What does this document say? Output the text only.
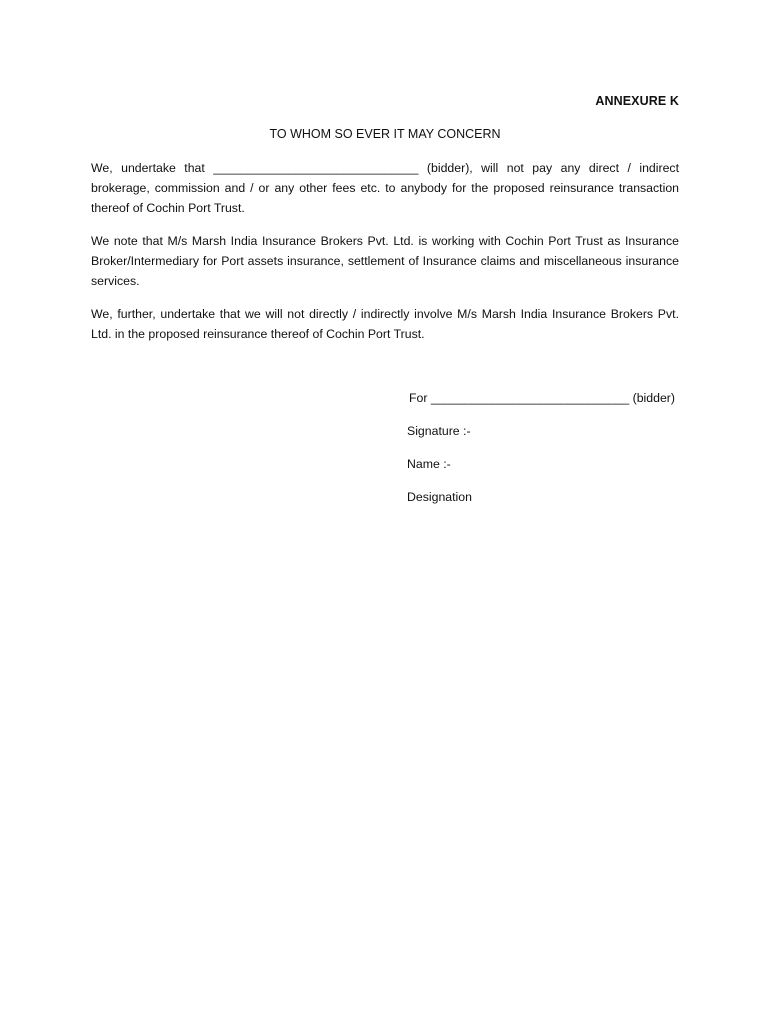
ANNEXURE K
TO WHOM SO EVER IT MAY CONCERN

We, undertake that ______________________________ (bidder), will not pay any direct / indirect brokerage, commission and / or any other fees etc. to anybody for the proposed reinsurance transaction thereof of Cochin Port Trust.

We note that M/s Marsh India Insurance Brokers Pvt. Ltd. is working with Cochin Port Trust as Insurance Broker/Intermediary for Port assets insurance, settlement of Insurance claims and miscellaneous insurance services.

We, further, undertake that we will not directly / indirectly involve M/s Marsh India Insurance Brokers Pvt. Ltd. in the proposed reinsurance thereof of Cochin Port Trust.

For _____________________________ (bidder)
Signature :-
Name :-
Designation
